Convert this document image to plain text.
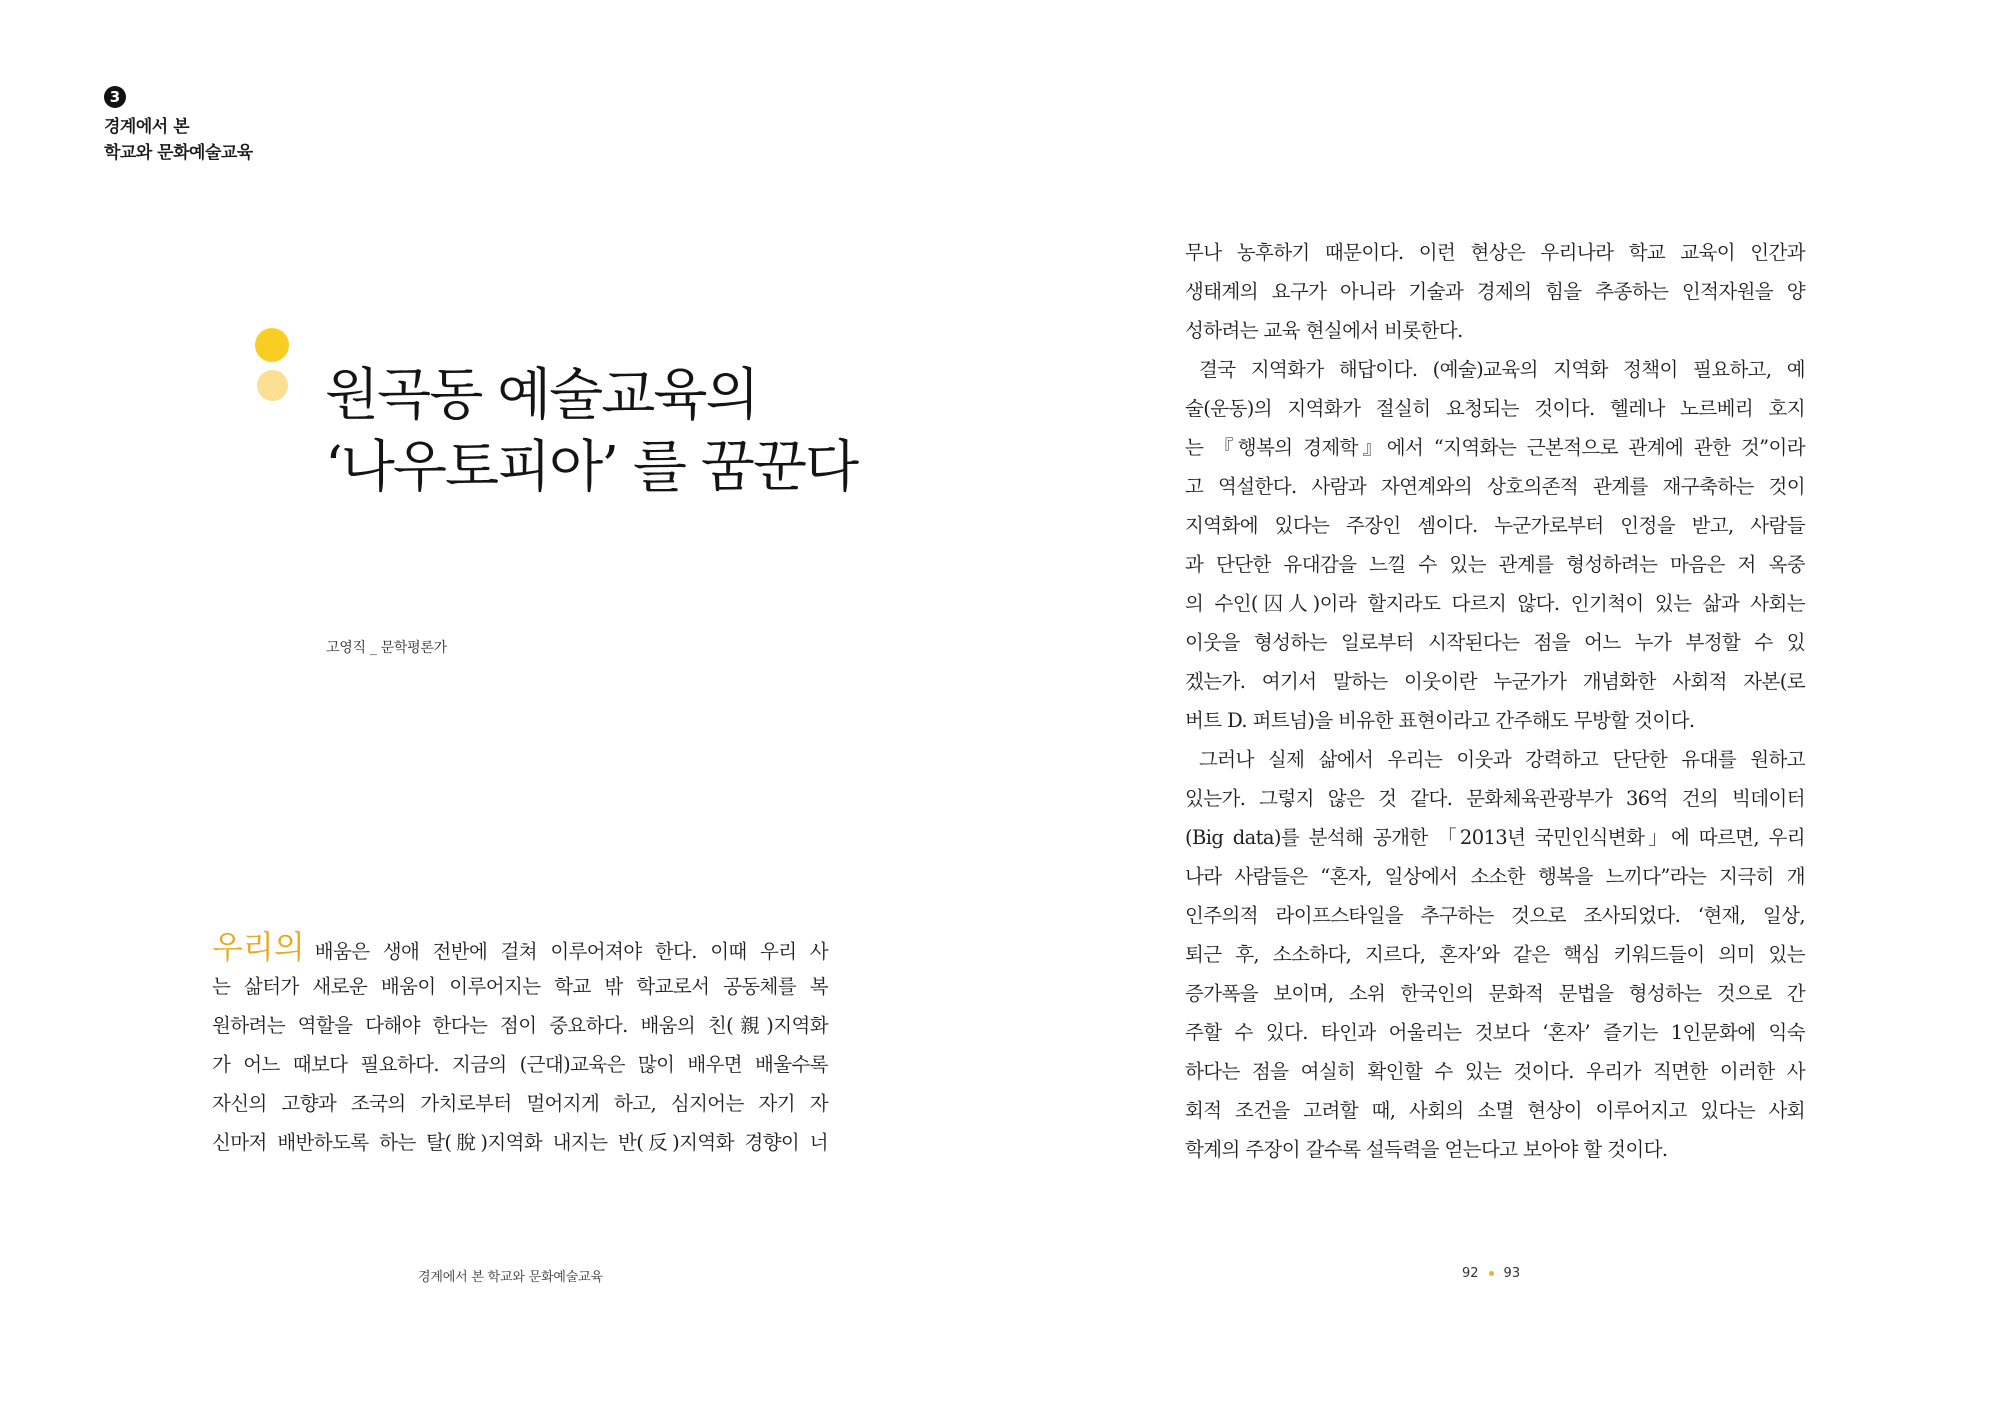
3
경계에서 본
학교와 문화예술교육
원곡동 예술교육의
‘나우토피아’ 를 꿈꾼다
고영직 _ 문학평론가
우리의 배움은 생애 전반에 걸쳐 이루어져야 한다. 이때 우리 사
는 삶터가 새로운 배움이 이루어지는 학교 밖 학교로서 공동체를 복
원하려는 역할을 다해야 한다는 점이 중요하다. 배움의 친(親)지역화
가 어느 때보다 필요하다. 지금의 (근대)교육은 많이 배우면 배울수록
자신의 고향과 조국의 가치로부터 멀어지게 하고, 심지어는 자기 자
신마저 배반하도록 하는 탈(脫)지역화 내지는 반(反)지역화 경향이 너
무나 농후하기 때문이다. 이런 현상은 우리나라 학교 교육이 인간과
생태계의 요구가 아니라 기술과 경제의 힘을 추종하는 인적자원을 양
성하려는 교육 현실에서 비롯한다.
결국 지역화가 해답이다. (예술)교육의 지역화 정책이 필요하고, 예
술(운동)의 지역화가 절실히 요청되는 것이다. 헬레나 노르베리 호지
는 『행복의 경제학』에서 “지역화는 근본적으로 관계에 관한 것”이라
고 역설한다. 사람과 자연계와의 상호의존적 관계를 재구축하는 것이
지역화에 있다는 주장인 셈이다. 누군가로부터 인정을 받고, 사람들
과 단단한 유대감을 느낄 수 있는 관계를 형성하려는 마음은 저 옥중
의 수인(囚人)이라 할지라도 다르지 않다. 인기척이 있는 삶과 사회는
이웃을 형성하는 일로부터 시작된다는 점을 어느 누가 부정할 수 있
겠는가. 여기서 말하는 이웃이란 누군가가 개념화한 사회적 자본(로
버트 D. 퍼트넘)을 비유한 표현이라고 간주해도 무방할 것이다.
그러나 실제 삶에서 우리는 이웃과 강력하고 단단한 유대를 원하고
있는가. 그렇지 않은 것 같다. 문화체육관광부가 36억 건의 빅데이터
(Big data)를 분석해 공개한 「2013년 국민인식변화」에 따르면, 우리
나라 사람들은 “혼자, 일상에서 소소한 행복을 느끼다”라는 지극히 개
인주의적 라이프스타일을 추구하는 것으로 조사되었다. ‘현재, 일상,
퇴근 후, 소소하다, 지르다, 혼자’와 같은 핵심 키워드들이 의미 있는
증가폭을 보이며, 소위 한국인의 문화적 문법을 형성하는 것으로 간
주할 수 있다. 타인과 어울리는 것보다 ‘혼자’ 즐기는 1인문화에 익숙
하다는 점을 여실히 확인할 수 있는 것이다. 우리가 직면한 이러한 사
회적 조건을 고려할 때, 사회의 소멸 현상이 이루어지고 있다는 사회
학계의 주장이 갈수록 설득력을 얻는다고 보아야 할 것이다.
경계에서 본 학교와 문화예술교육	92 93
